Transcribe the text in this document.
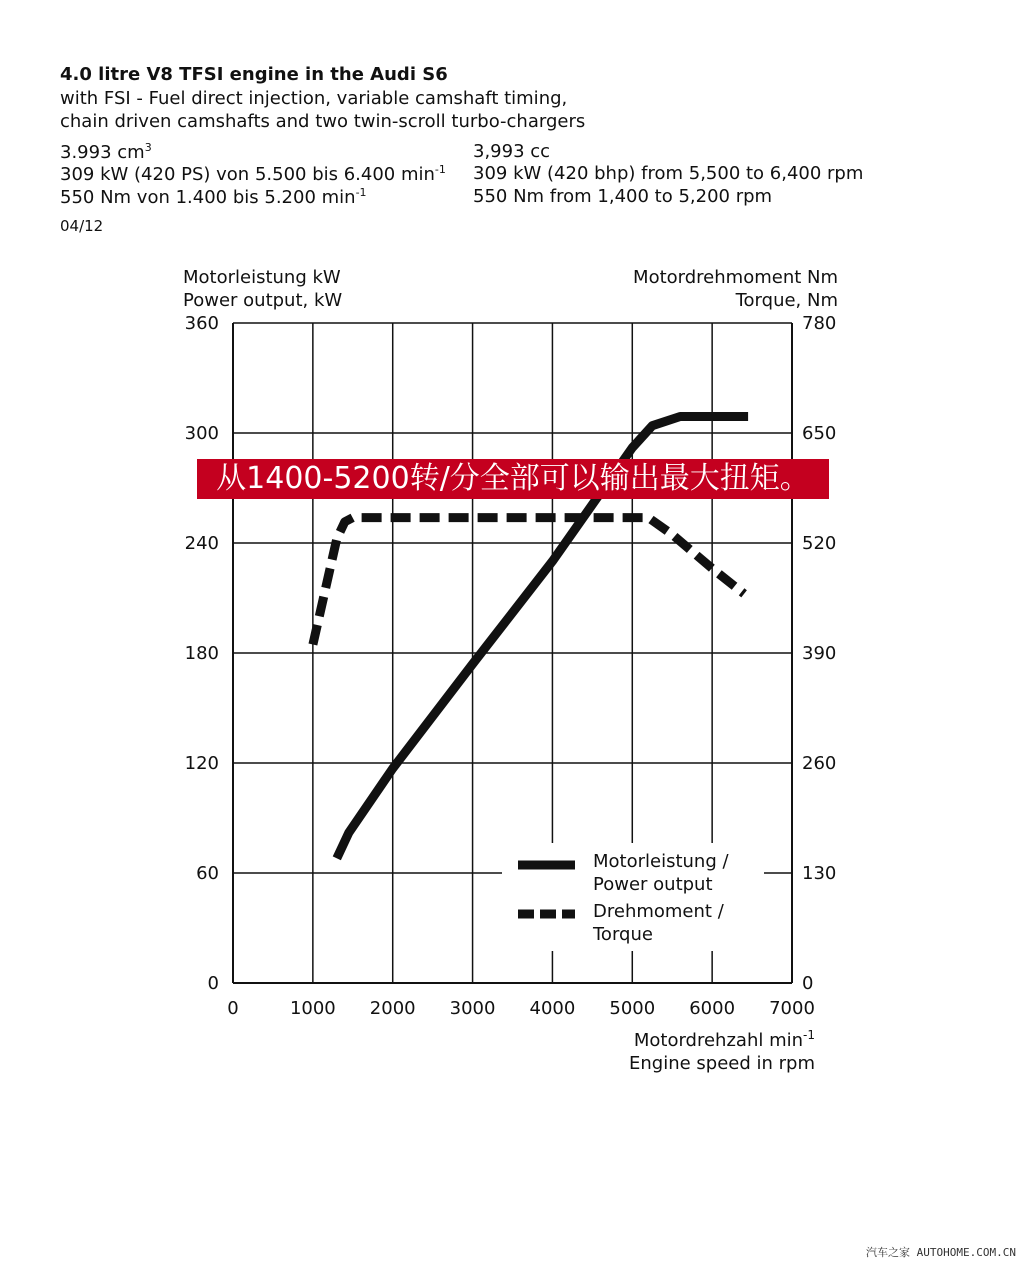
4.0 litre V8 TFSI engine in the Audi S6
with FSI - Fuel direct injection, variable camshaft timing,
chain driven camshafts and two twin-scroll turbo-chargers
3.993 $cm^3$
309 kW (420 PS) von 5.500 bis 6.400 $\min^{-1}$
550 Nm von 1.400 bis 5.200 $\min^{-1}$
3,993 cc
309 kW (420 bhp) from 5,500 to 6,400 rpm
550 Nm from 1,400 to 5,200 rpm
04/12
0	1000 2000 3000 4000 5000 6000 7000
0
60
120
180
240
300
360
0
130
260
390
520
650
780
Motorleistung kW
Power output, kW
Motordrehmoment Nm
Torque, Nm
Motordrehzahl $\min^{-1}$
Engine speed in rpm
Motorleistung /
Power output
Drehmoment /
Torque
从1400-5200转/分全部可以输出最大扭矩。
汽车之家 AUTOHOME.COM.CN
